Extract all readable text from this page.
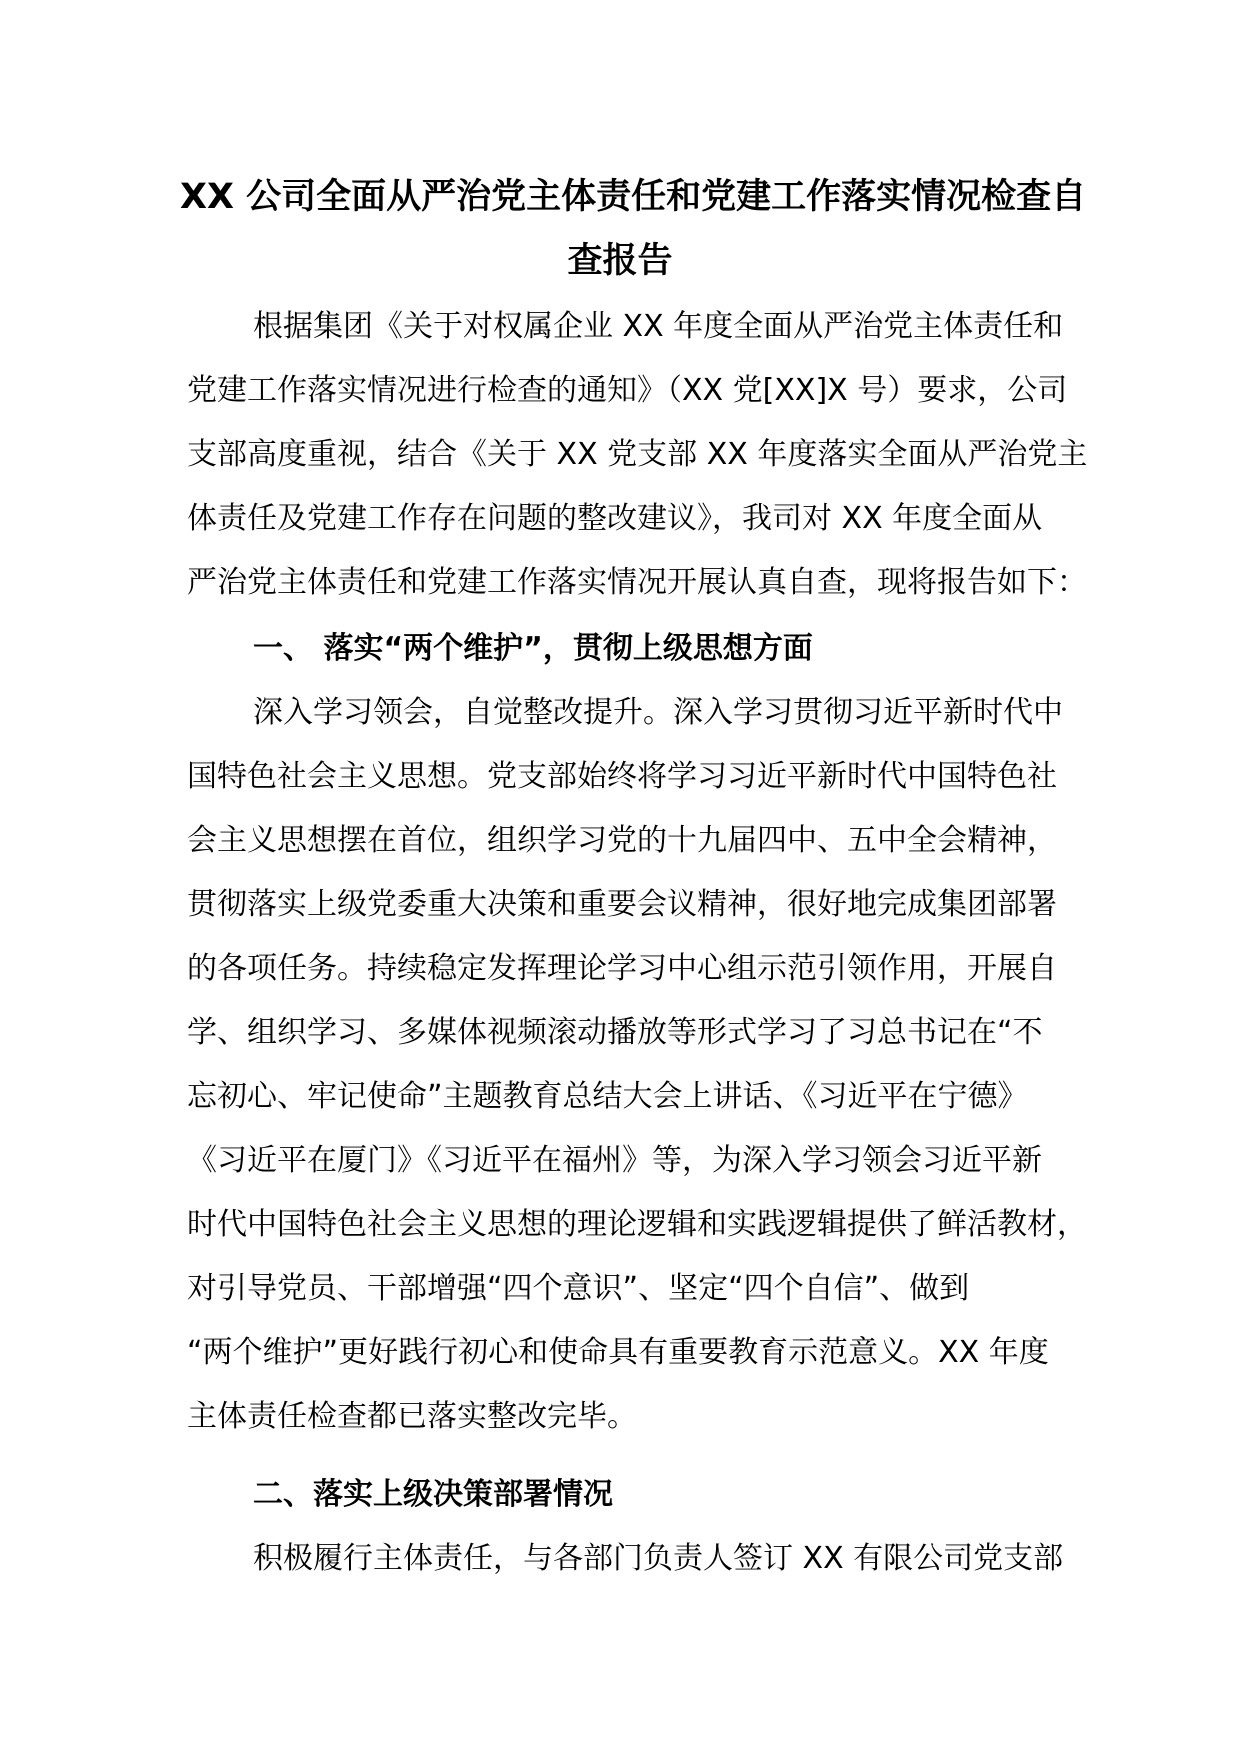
XX 公司全面从严治党主体责任和党建工作落实情况检查自
查报告
根据集团《关于对权属企业 XX 年度全面从严治党主体责任和
党建工作落实情况进行检查的通知》（XX 党[XX]X 号）要求，公司
支部高度重视，结合《关于 XX 党支部 XX 年度落实全面从严治党主
体责任及党建工作存在问题的整改建议》，我司对 XX 年度全面从
严治党主体责任和党建工作落实情况开展认真自查，现将报告如下：
一、 落实“两个维护”，贯彻上级思想方面
深入学习领会，自觉整改提升。深入学习贯彻习近平新时代中
国特色社会主义思想。党支部始终将学习习近平新时代中国特色社
会主义思想摆在首位，组织学习党的十九届四中、五中全会精神，
贯彻落实上级党委重大决策和重要会议精神，很好地完成集团部署
的各项任务。持续稳定发挥理论学习中心组示范引领作用，开展自
学、组织学习、多媒体视频滚动播放等形式学习了习总书记在“不
忘初心、牢记使命”主题教育总结大会上讲话、《习近平在宁德》
《习近平在厦门》《习近平在福州》等，为深入学习领会习近平新
时代中国特色社会主义思想的理论逻辑和实践逻辑提供了鲜活教材，
对引导党员、干部增强“四个意识”、坚定“四个自信”、做到
“两个维护”更好践行初心和使命具有重要教育示范意义。XX 年度
主体责任检查都已落实整改完毕。
二、落实上级决策部署情况
积极履行主体责任，与各部门负责人签订 XX 有限公司党支部
